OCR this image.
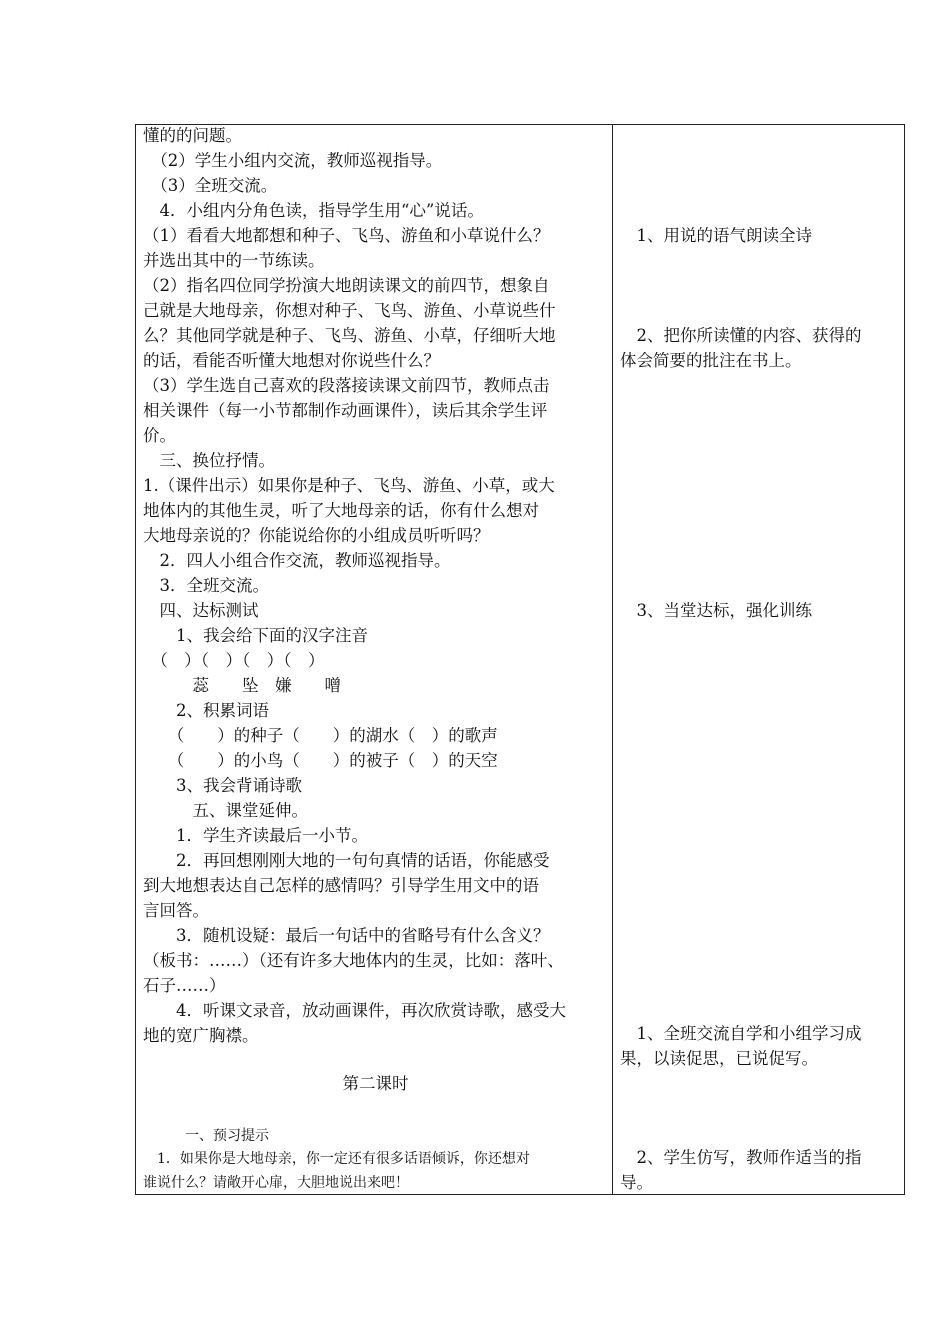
懂的的问题。
　（2）学生小组内交流，教师巡视指导。
　（3）全班交流。
　4．小组内分角色读，指导学生用“心”说话。
（1）看看大地都想和种子、飞鸟、游鱼和小草说什么？
并选出其中的一节练读。
（2）指名四位同学扮演大地朗读课文的前四节，想象自
己就是大地母亲，你想对种子、飞鸟、游鱼、小草说些什
么？其他同学就是种子、飞鸟、游鱼、小草，仔细听大地
的话，看能否听懂大地想对你说些什么？
（3）学生选自己喜欢的段落接读课文前四节，教师点击
相关课件（每一小节都制作动画课件），读后其余学生评
价。
　三、换位抒情。
1.（课件出示）如果你是种子、飞鸟、游鱼、小草，或大
地体内的其他生灵，听了大地母亲的话，你有什么想对
大地母亲说的？你能说给你的小组成员听听吗？
　2．四人小组合作交流，教师巡视指导。
　3．全班交流。
　四、达标测试
　　1、我会给下面的汉字注音
　（　）（　）（　）（　）
　　　蕊　　坠　嫌　　噌
　　2、积累词语
　　（　　）的种子（　　）的湖水（　）的歌声
　　（　　）的小鸟（　　）的被子（　）的天空
　　3、我会背诵诗歌
　　　五、课堂延伸。
　　1．学生齐读最后一小节。
　　2．再回想刚刚大地的一句句真情的话语，你能感受
到大地想表达自己怎样的感情吗？引导学生用文中的语
言回答。
　　3．随机设疑：最后一句话中的省略号有什么含义？
（板书：……）（还有许多大地体内的生灵，比如：落叶、
石子……）
　　4．听课文录音，放动画课件，再次欣赏诗歌，感受大
地的宽广胸襟。
第二课时
一、预习提示
　1．如果你是大地母亲，你一定还有很多话语倾诉，你还想对
谁说什么？请敞开心扉，大胆地说出来吧！
　1、用说的语气朗读全诗
　2、把你所读懂的内容、获得的
体会简要的批注在书上。
　3、当堂达标，强化训练
　1、全班交流自学和小组学习成
果，以读促思，已说促写。
　2、学生仿写，教师作适当的指
导。
